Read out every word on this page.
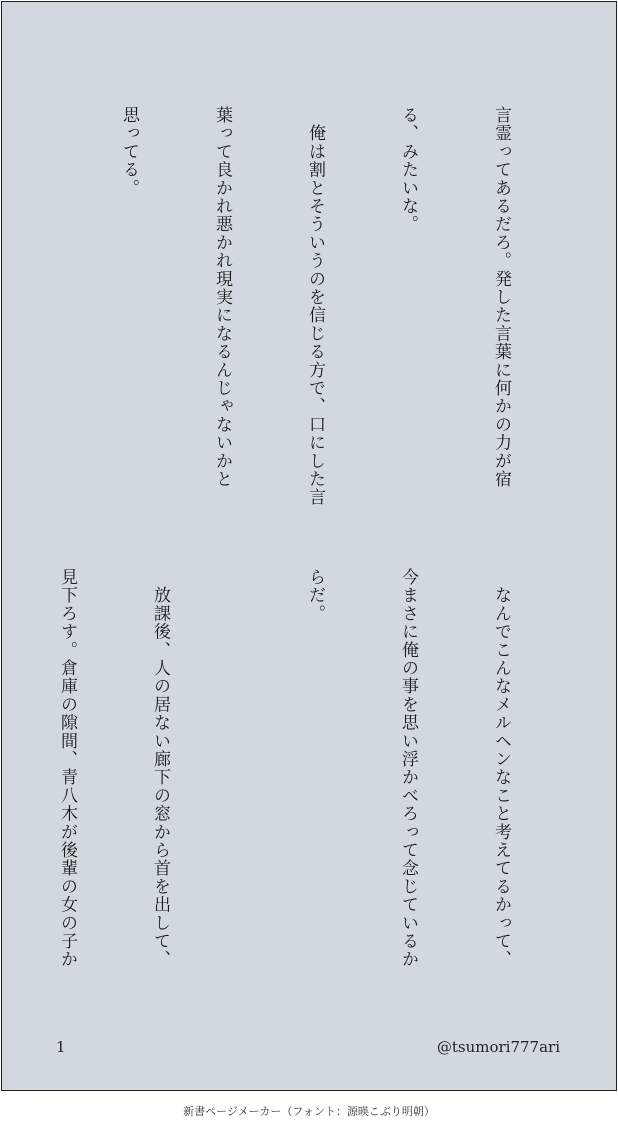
言霊ってあるだろ。発した言葉に何かの力が宿

る、みたいな。

　俺は割とそういうのを信じる方で、口にした言

葉って良かれ悪かれ現実になるんじゃないかと

思ってる。

　なんでこんなメルヘンなこと考えてるかって、

今まさに俺の事を思い浮かべろって念じているか

らだ。

　放課後、人の居ない廊下の窓から首を出して、

見下ろす。倉庫の隙間、青八木が後輩の女の子か

1	@tsumori777ari
新書ページメーカー（フォント：源暎こぶり明朝）
